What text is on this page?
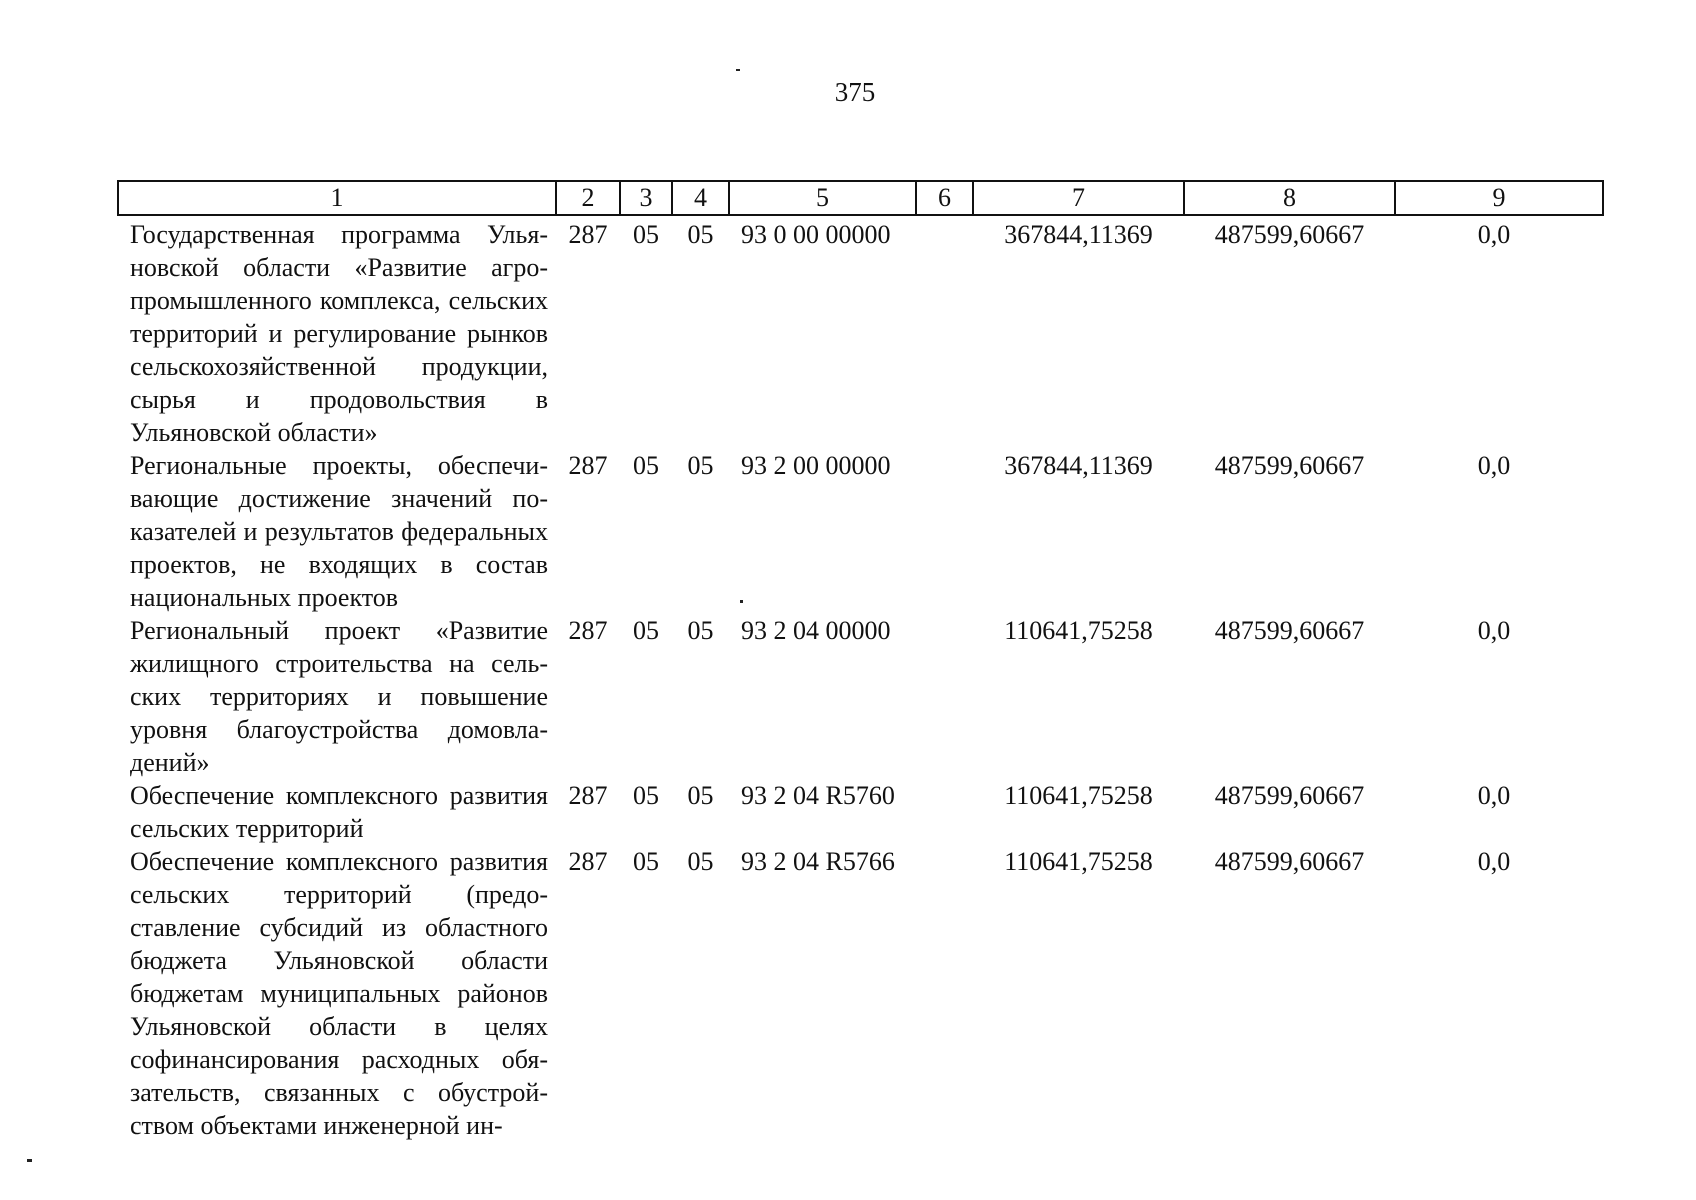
375
1	2	3	4	5	6	7	8	9
Государственная программа Ульяновской области «Развитие агропромышленного комплекса, сельских территорий и регулирование рынков сельскохозяйственной продукции, сырья и продовольствия в Ульяновской области»	287	05	05	93 0 00 00000		367844,11369	487599,60667	0,0
Региональные проекты, обеспечивающие достижение значений показателей и результатов федеральных проектов, не входящих в состав национальных проектов	287	05	05	93 2 00 00000		367844,11369	487599,60667	0,0
Региональный проект «Развитие жилищного строительства на сельских территориях и повышение уровня благоустройства домовладений»	287	05	05	93 2 04 00000		110641,75258	487599,60667	0,0
Обеспечение комплексного развития сельских территорий	287	05	05	93 2 04 R5760		110641,75258	487599,60667	0,0
Обеспечение комплексного развития сельских территорий (предоставление субсидий из областного бюджета Ульяновской области бюджетам муниципальных районов Ульяновской области в целях софинансирования расходных обязательств, связанных с обустройством объектами инженерной ин-	287	05	05	93 2 04 R5766		110641,75258	487599,60667	0,0
